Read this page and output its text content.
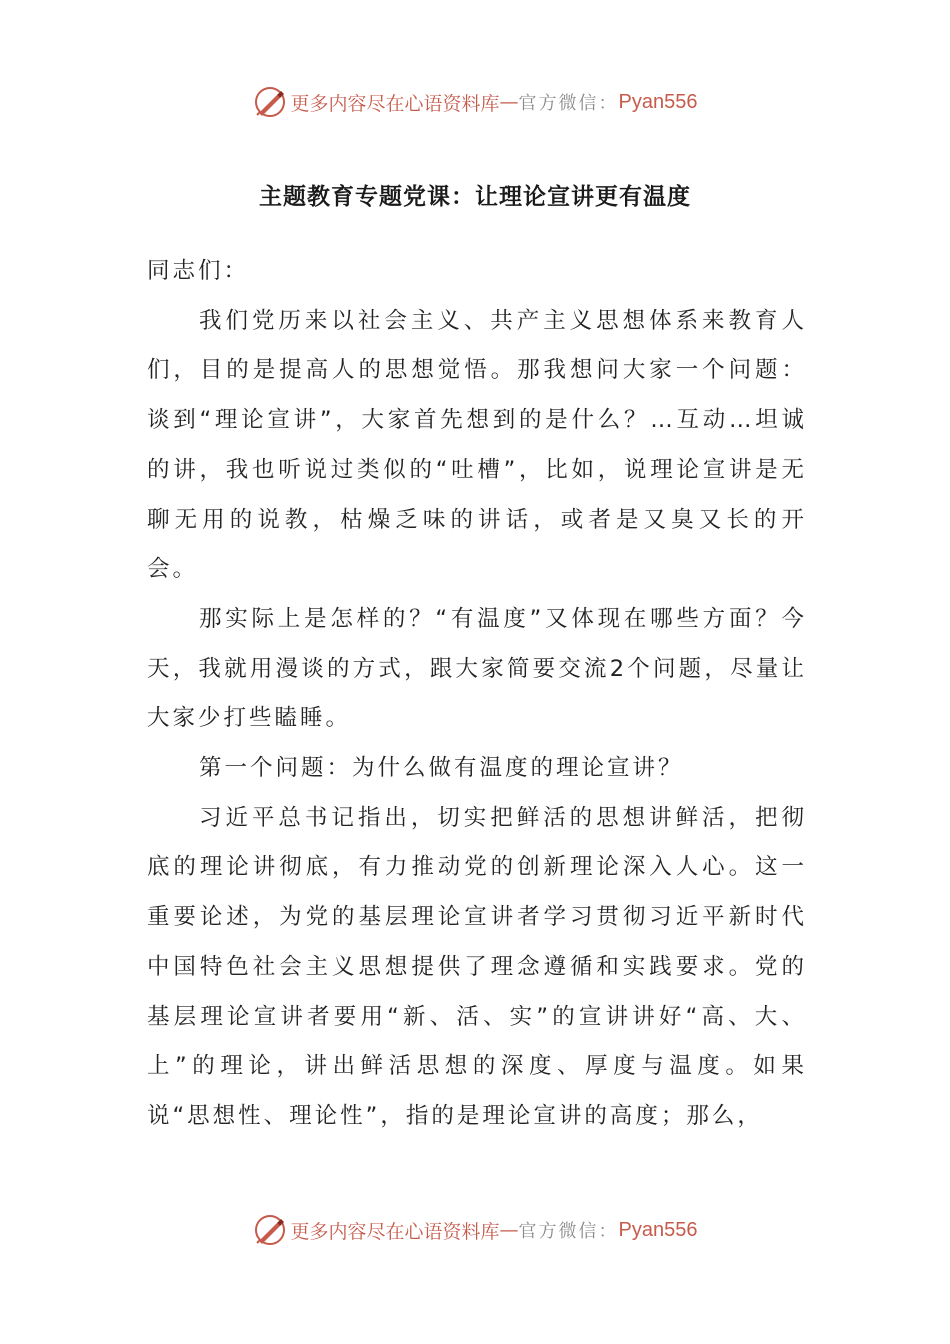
更多内容尽在心语资料库 — 官方微信： Pyan556
主题教育专题党课：让理论宣讲更有温度

同志们：

我们党历来以社会主义、共产主义思想体系来教育人们，目的是提高人的思想觉悟。那我想问大家一个问题：谈到“理论宣讲”，大家首先想到的是什么？…互动…坦诚的讲，我也听说过类似的“吐槽”，比如，说理论宣讲是无聊无用的说教，枯燥乏味的讲话，或者是又臭又长的开会。

那实际上是怎样的？“有温度”又体现在哪些方面？今天，我就用漫谈的方式，跟大家简要交流2个问题，尽量让大家少打些瞌睡。

第一个问题：为什么做有温度的理论宣讲？

习近平总书记指出，切实把鲜活的思想讲鲜活，把彻底的理论讲彻底，有力推动党的创新理论深入人心。这一重要论述，为党的基层理论宣讲者学习贯彻习近平新时代中国特色社会主义思想提供了理念遵循和实践要求。党的基层理论宣讲者要用“新、活、实”的宣讲讲好“高、大、上”的理论，讲出鲜活思想的深度、厚度与温度。如果说“思想性、理论性”，指的是理论宣讲的高度；那么，

更多内容尽在心语资料库 — 官方微信： Pyan556
